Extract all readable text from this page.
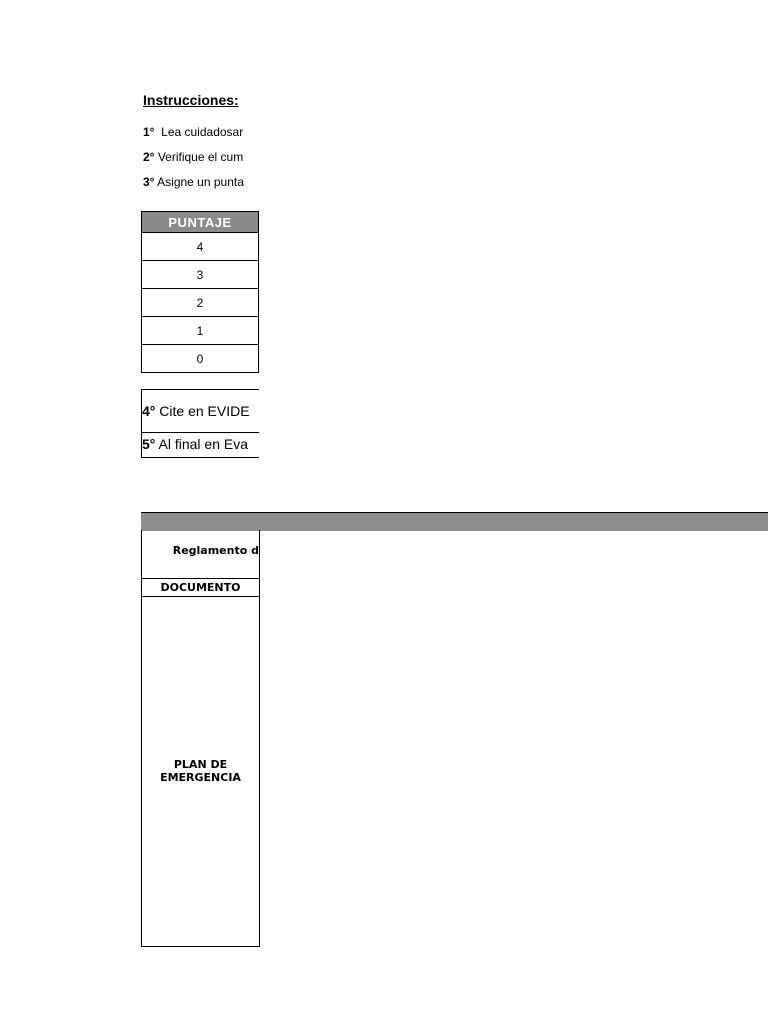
Instrucciones:
1°  Lea cuidadosar
2° Verifique el cum
3° Asigne un punta
PUNTAJE
4
3
2
1
0
4° Cite en EVIDE
5° Al final en Eva
Reglamento d
DOCUMENTO
PLAN DE
EMERGENCIA
